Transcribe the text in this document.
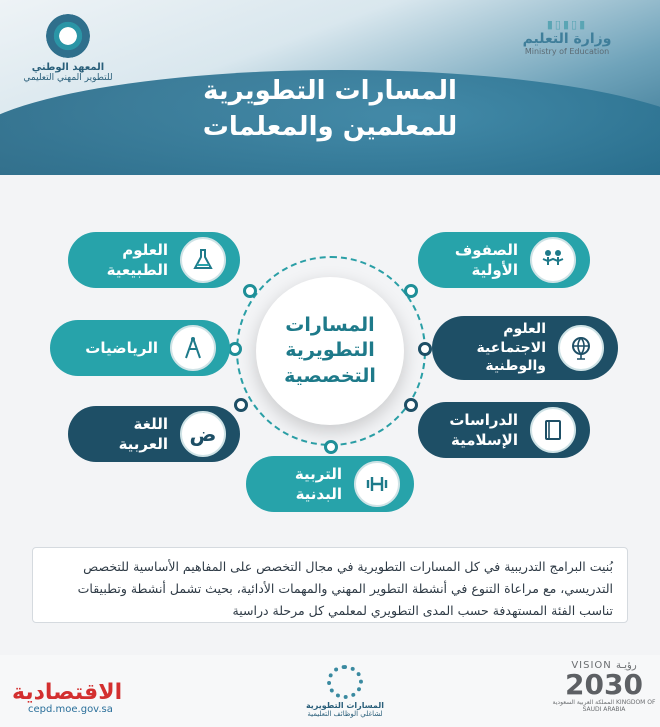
المعهد الوطني
للتطوير المهني التعليمي
▮▯▮▯▮
وزارة التعليم
Ministry of Education
المسارات التطويرية
للمعلمين والمعلمات
المسارات
التطويرية
التخصصية
العلوم الطبيعية
الرياضيات
ض
اللغة العربية
الصفوف الأولية
العلوم الاجتماعية والوطنية
الدراسات الإسلامية
التربية البدنية
بُنيت البرامج التدريبية في كل المسارات التطويرية في مجال التخصص على المفاهيم الأساسية للتخصص التدريسي، مع مراعاة التنوع في أنشطة التطوير المهني والمهمات الأدائية، بحيث تشمل أنشطة وتطبيقات تناسب الفئة المستهدفة حسب المدى التطويري لمعلمي كل مرحلة دراسية
VISION رؤيـة
2030
المملكة العربية السعودية KINGDOM OF SAUDI ARABIA
المسارات التطويرية
لشاغلي الوظائف التعليمية
الاقتصادية
cepd.moe.gov.sa
